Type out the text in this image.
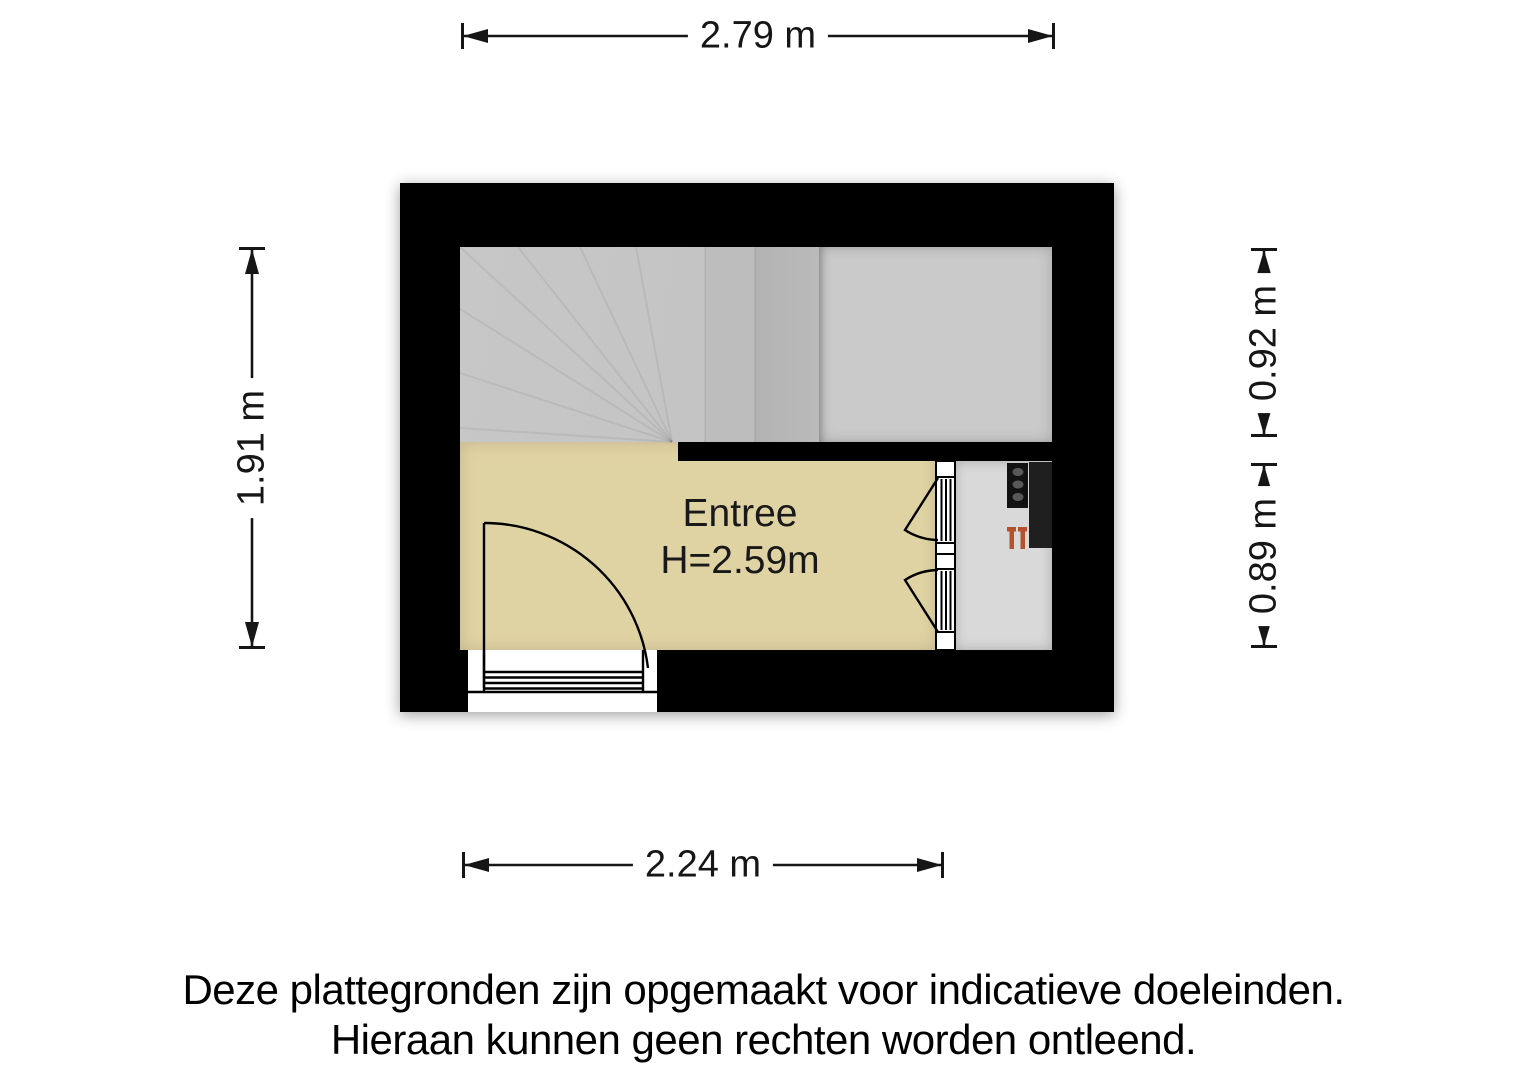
2.79 m
1.91 m
0.92 m
0.89 m
2.24 m
Entree
H=2.59m
Deze plattegronden zijn opgemaakt voor indicatieve doeleinden.
Hieraan kunnen geen rechten worden ontleend.
